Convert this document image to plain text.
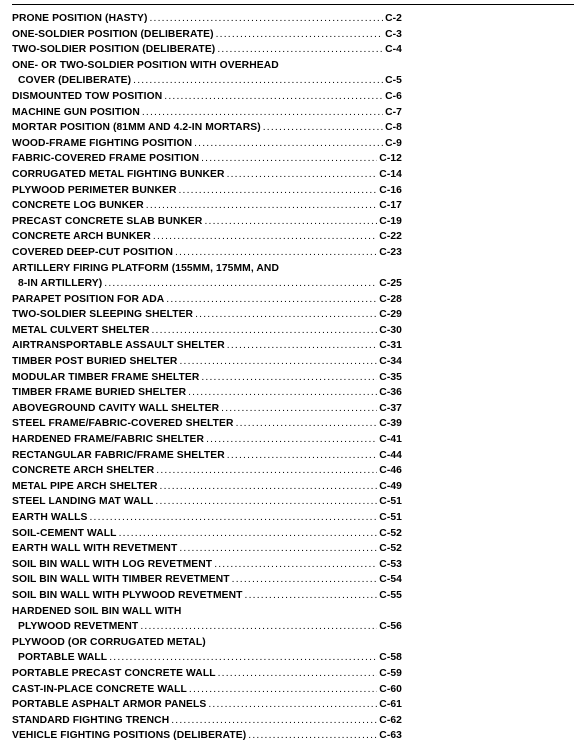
PRONE POSITION (HASTY) .....	C-2
ONE-SOLDIER POSITION (DELIBERATE) .....	C-3
TWO-SOLDIER POSITION (DELIBERATE) .....	C-4
ONE- OR TWO-SOLDIER POSITION WITH OVERHEAD
COVER (DELIBERATE) .....	C-5
DISMOUNTED TOW POSITION .....	C-6
MACHINE GUN POSITION .....	C-7
MORTAR POSITION (81MM AND 4.2-IN MORTARS) .....	C-8
WOOD-FRAME FIGHTING POSITION .....	C-9
FABRIC-COVERED FRAME POSITION .....	C-12
CORRUGATED METAL FIGHTING BUNKER .....	C-14
PLYWOOD PERIMETER BUNKER .....	C-16
CONCRETE LOG BUNKER .....	C-17
PRECAST CONCRETE SLAB BUNKER .....	C-19
CONCRETE ARCH BUNKER .....	C-22
COVERED DEEP-CUT POSITION .....	C-23
ARTILLERY FIRING PLATFORM (155MM, 175MM, AND
8-IN ARTILLERY) .....	C-25
PARAPET POSITION FOR ADA .....	C-28
TWO-SOLDIER SLEEPING SHELTER .....	C-29
METAL CULVERT SHELTER .....	C-30
AIRTRANSPORTABLE ASSAULT SHELTER .....	C-31
TIMBER POST BURIED SHELTER .....	C-34
MODULAR TIMBER FRAME SHELTER .....	C-35
TIMBER FRAME BURIED SHELTER .....	C-36
ABOVEGROUND CAVITY WALL SHELTER .....	C-37
STEEL FRAME/FABRIC-COVERED SHELTER .....	C-39
HARDENED FRAME/FABRIC SHELTER .....	C-41
RECTANGULAR FABRIC/FRAME SHELTER .....	C-44
CONCRETE ARCH SHELTER .....	C-46
METAL PIPE ARCH SHELTER .....	C-49
STEEL LANDING MAT WALL .....	C-51
EARTH WALLS .....	C-51
SOIL-CEMENT WALL .....	C-52
EARTH WALL WITH REVETMENT .....	C-52
SOIL BIN WALL WITH LOG REVETMENT .....	C-53
SOIL BIN WALL WITH TIMBER REVETMENT .....	C-54
SOIL BIN WALL WITH PLYWOOD REVETMENT .....	C-55
HARDENED SOIL BIN WALL WITH
PLYWOOD REVETMENT .....	C-56
PLYWOOD (OR CORRUGATED METAL)
PORTABLE WALL .....	C-58
PORTABLE PRECAST CONCRETE WALL .....	C-59
CAST-IN-PLACE CONCRETE WALL .....	C-60
PORTABLE ASPHALT ARMOR PANELS .....	C-61
STANDARD FIGHTING TRENCH .....	C-62
VEHICLE FIGHTING POSITIONS (DELIBERATE) .....	C-63
